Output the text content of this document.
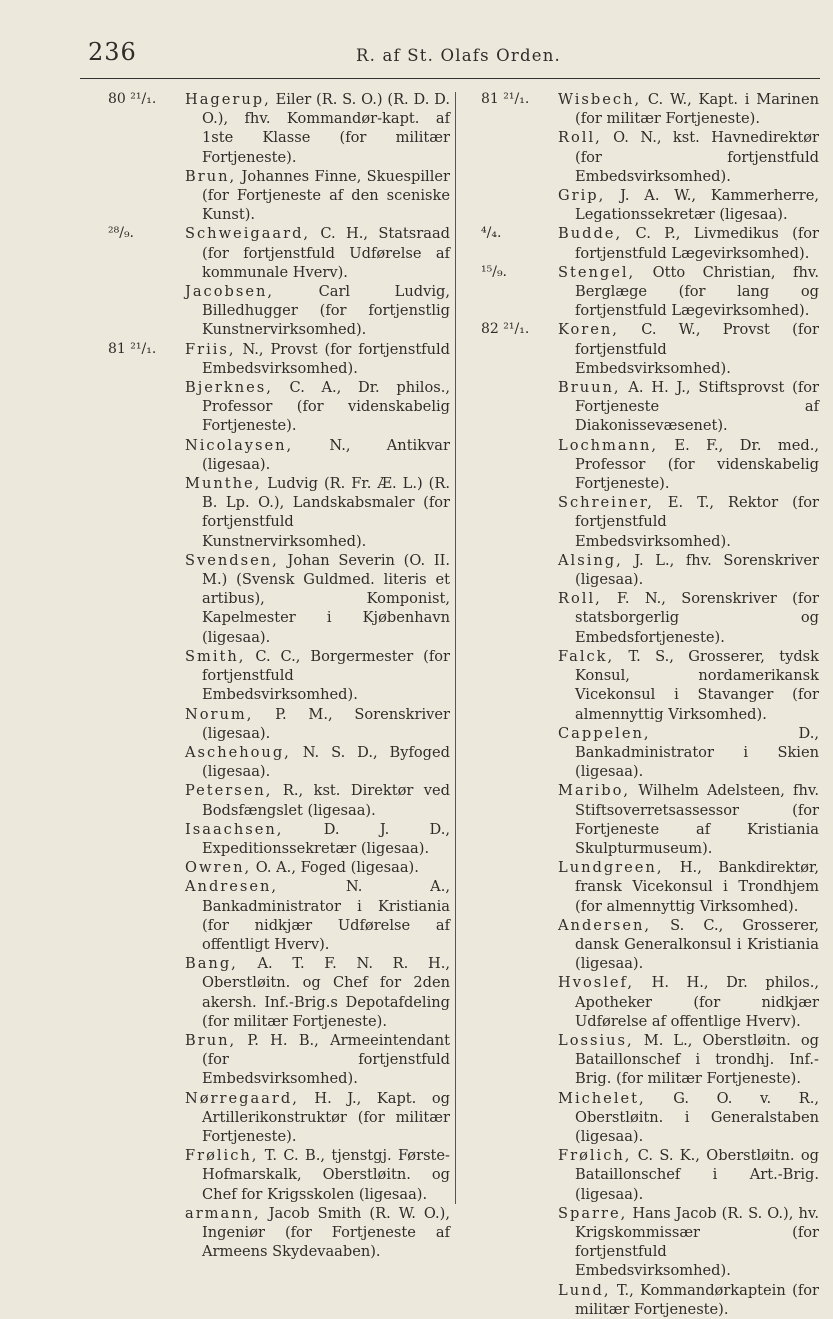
236	R. af St. Olafs Orden.
80 ²¹/₁.	Hagerup, Eiler (R. S. O.) (R. D. D. O.), fhv. Kommandør-kapt. af 1ste Klasse (for militær Fortjeneste).
Brun, Johannes Finne, Skuespiller (for Fortjeneste af den sceniske Kunst).
²⁸/₉.	Schweigaard, C. H., Statsraad (for fortjenstfuld Udførelse af kommunale Hverv).
Jacobsen, Carl Ludvig, Billedhugger (for fortjenstlig Kunstnervirksomhed).
81 ²¹/₁.	Friis, N., Provst (for fortjenstfuld Embedsvirksomhed).
Bjerknes, C. A., Dr. philos., Professor (for videnskabelig Fortjeneste).
Nicolaysen, N., Antikvar (ligesaa).
Munthe, Ludvig (R. Fr. Æ. L.) (R. B. Lp. O.), Landskabsmaler (for fortjenstfuld Kunstnervirksomhed).
Svendsen, Johan Severin (O. II. M.) (Svensk Guldmed. literis et artibus), Komponist, Kapelmester i Kjøbenhavn (ligesaa).
Smith, C. C., Borgermester (for fortjenstfuld Embedsvirksomhed).
Norum, P. M., Sorenskriver (ligesaa).
Aschehoug, N. S. D., Byfoged (ligesaa).
Petersen, R., kst. Direktør ved Bodsfængslet (ligesaa).
Isaachsen, D. J. D., Expeditionssekretær (ligesaa).
Owren, O. A., Foged (ligesaa).
Andresen, N. A., Bankadministrator i Kristiania (for nidkjær Udførelse af offentligt Hverv).
Bang, A. T. F. N. R. H., Oberstløitn. og Chef for 2den akersh. Inf.-Brig.s Depotafdeling (for militær Fortjeneste).
Brun, P. H. B., Armeeintendant (for fortjenstfuld Embedsvirksomhed).
Nørregaard, H. J., Kapt. og Artillerikonstruktør (for militær Fortjeneste).
Frølich, T. C. B., tjenstgj. Første-Hofmarskalk, Oberstløitn. og Chef for Krigsskolen (ligesaa).
armann, Jacob Smith (R. W. O.), Ingeniør (for Fortjeneste af Armeens Skydevaaben).
81 ²¹/₁.	Wisbech, C. W., Kapt. i Marinen (for militær Fortjeneste).
Roll, O. N., kst. Havnedirektør (for fortjenstfuld Embedsvirksomhed).
Grip, J. A. W., Kammerherre, Legationssekretær (ligesaa).
⁴/₄.	Budde, C. P., Livmedikus (for fortjenstfuld Lægevirksomhed).
¹⁵/₉.	Stengel, Otto Christian, fhv. Berglæge (for lang og fortjenstfuld Lægevirksomhed).
82 ²¹/₁.	Koren, C. W., Provst (for fortjenstfuld Embedsvirksomhed).
Bruun, A. H. J., Stiftsprovst (for Fortjeneste af Diakonissevæsenet).
Lochmann, E. F., Dr. med., Professor (for videnskabelig Fortjeneste).
Schreiner, E. T., Rektor (for fortjenstfuld Embedsvirksomhed).
Alsing, J. L., fhv. Sorenskriver (ligesaa).
Roll, F. N., Sorenskriver (for statsborgerlig og Embedsfortjeneste).
Falck, T. S., Grosserer, tydsk Konsul, nordamerikansk Vicekonsul i Stavanger (for almennyttig Virksomhed).
Cappelen, D., Bankadministrator i Skien (ligesaa).
Maribo, Wilhelm Adelsteen, fhv. Stiftsoverretsassessor (for Fortjeneste af Kristiania Skulpturmuseum).
Lundgreen, H., Bankdirektør, fransk Vicekonsul i Trondhjem (for almennyttig Virksomhed).
Andersen, S. C., Grosserer, dansk Generalkonsul i Kristiania (ligesaa).
Hvoslef, H. H., Dr. philos., Apotheker (for nidkjær Udførelse af offentlige Hverv).
Lossius, M. L., Oberstløitn. og Bataillonschef i trondhj. Inf.-Brig. (for militær Fortjeneste).
Michelet, G. O. v. R., Oberstløitn. i Generalstaben (ligesaa).
Frølich, C. S. K., Oberstløitn. og Bataillonschef i Art.-Brig. (ligesaa).
Sparre, Hans Jacob (R. S. O.), hv. Krigskommissær (for fortjenstfuld Embedsvirksomhed).
Lund, T., Kommandørkaptein (for militær Fortjeneste).
